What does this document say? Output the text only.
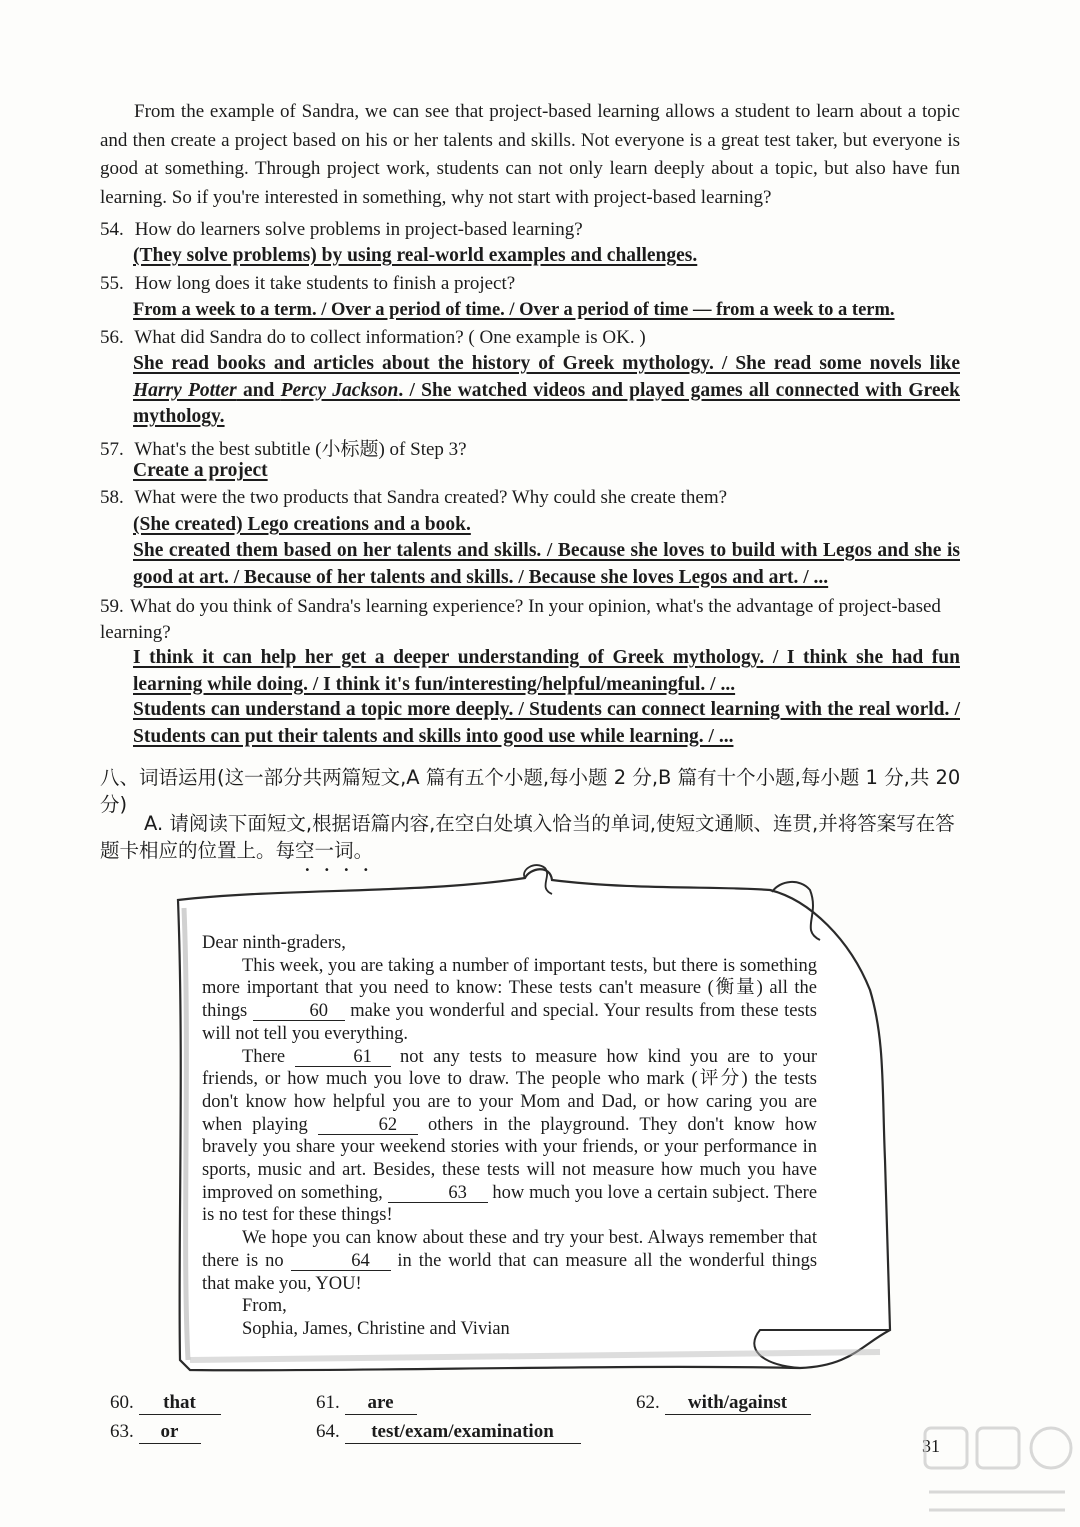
From the example of Sandra, we can see that project-based learning allows a student to learn about a topic and then create a project based on his or her talents and skills. Not everyone is a great test taker, but everyone is good at something. Through project work, students can not only learn deeply about a topic, but also have fun learning. So if you're interested in something, why not start with project-based learning?

54. How do learners solve problems in project-based learning?
(They solve problems) by using real-world examples and challenges.
55. How long does it take students to finish a project?
From a week to a term. / Over a period of time. / Over a period of time — from a week to a term.
56. What did Sandra do to collect information? ( One example is OK. )
She read books and articles about the history of Greek mythology. / She read some novels like Harry Potter and Percy Jackson. / She watched videos and played games all connected with Greek mythology.
57. What's the best subtitle (小标题) of Step 3?
Create a project
58. What were the two products that Sandra created? Why could she create them?
(She created) Lego creations and a book.
She created them based on her talents and skills. / Because she loves to build with Legos and she is good at art. / Because of her talents and skills. / Because she loves Legos and art. / ...
59. What do you think of Sandra's learning experience? In your opinion, what's the advantage of project-based learning?
I think it can help her get a deeper understanding of Greek mythology. / I think she had fun learning while doing. / I think it's fun/interesting/helpful/meaningful. / ...
Students can understand a topic more deeply. / Students can connect learning with the real world. / Students can put their talents and skills into good use while learning. / ...
八、词语运用(这一部分共两篇短文,A 篇有五个小题,每小题 2 分,B 篇有十个小题,每小题 1 分,共 20 分)
A. 请阅读下面短文,根据语篇内容,在空白处填入恰当的单词,使短文通顺、连贯,并将答案写在答题卡相应的位置上。每空一词。

Dear ninth-graders,

This week, you are taking a number of important tests, but there is something more important that you need to know: These tests can't measure (衡量) all the things	60 make you wonderful and special. Your results from these tests will not tell you everything.

There	61 not any tests to measure how kind you are to your friends, or how much you love to draw. The people who mark (评分) the tests don't know how helpful you are to your Mom and Dad, or how caring you are when playing	62 others in the playground. They don't know how bravely you share your weekend stories with your friends, or your performance in sports, music and art. Besides, these tests will not measure how much you have improved on something,	63 how much you love a certain subject. There is no test for these things!

We hope you can know about these and try your best. Always remember that there is no	64 in the world that can measure all the wonderful things that make you, YOU!

From,

Sophia, James, Christine and Vivian

60. that	61. are	62. with/against
63. or	64. test/exam/examination
31
